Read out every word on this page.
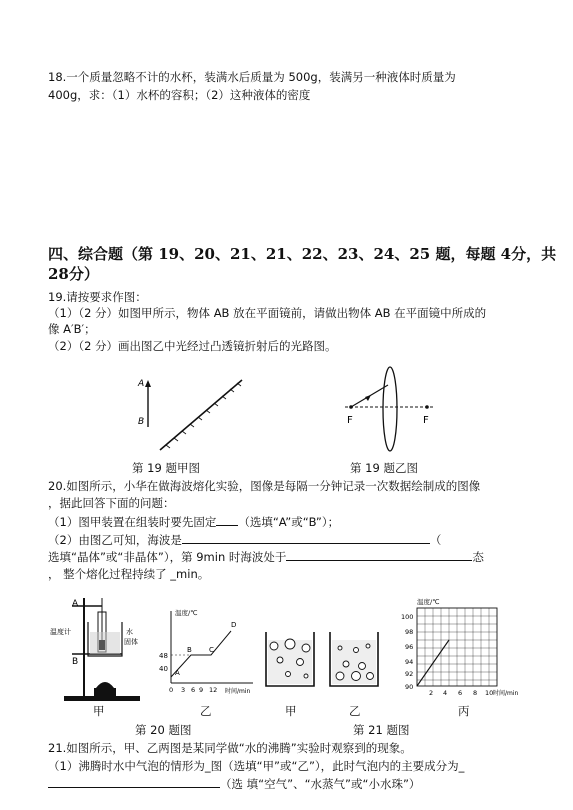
18.一个质量忽略不计的水杯，装满水后质量为 500g，装满另一种液体时质量为
400g，求：（1）水杯的容积；（2）这种液体的密度
四、综合题（第 19、20、21、21、22、23、24、25 题，每题 4分，共
28分）
19.请按要求作图：
（1）（2 分）如图甲所示，物体 AB 放在平面镜前，请做出物体 AB 在平面镜中所成的
像 A′B′；
（2）（2 分）画出图乙中光经过凸透镜折射后的光路图。
A
B
第 19 题甲图
F	F
第 19 题乙图
20.如图所示，小华在做海波熔化实验，图像是每隔一分钟记录一次数据绘制成的图像
，据此回答下面的问题：
（1）图甲装置在组装时要先固定 （选填“A”或“B”）；
（2）由图乙可知，海波是	（
选填“晶体”或“非晶体”），第 9min 时海波处于	态
， 整个熔化过程持续了 _min。
A
B
水
固体
温度计
甲
温度/℃
时间/min
48
40
0 3 6 9 12
A
B C
D
乙
第 20 题图
甲	乙
第 21 题图
温度/℃
100
98
96
94
92
90
2 4 6 8 10 时间/min
丙
21.如图所示，甲、乙两图是某同学做“水的沸腾”实验时观察到的现象。
（1）沸腾时水中气泡的情形为_图（选填“甲”或“乙”），此时气泡内的主要成分为_
（选 填“空气”、“水蒸气”或“小水珠”）
